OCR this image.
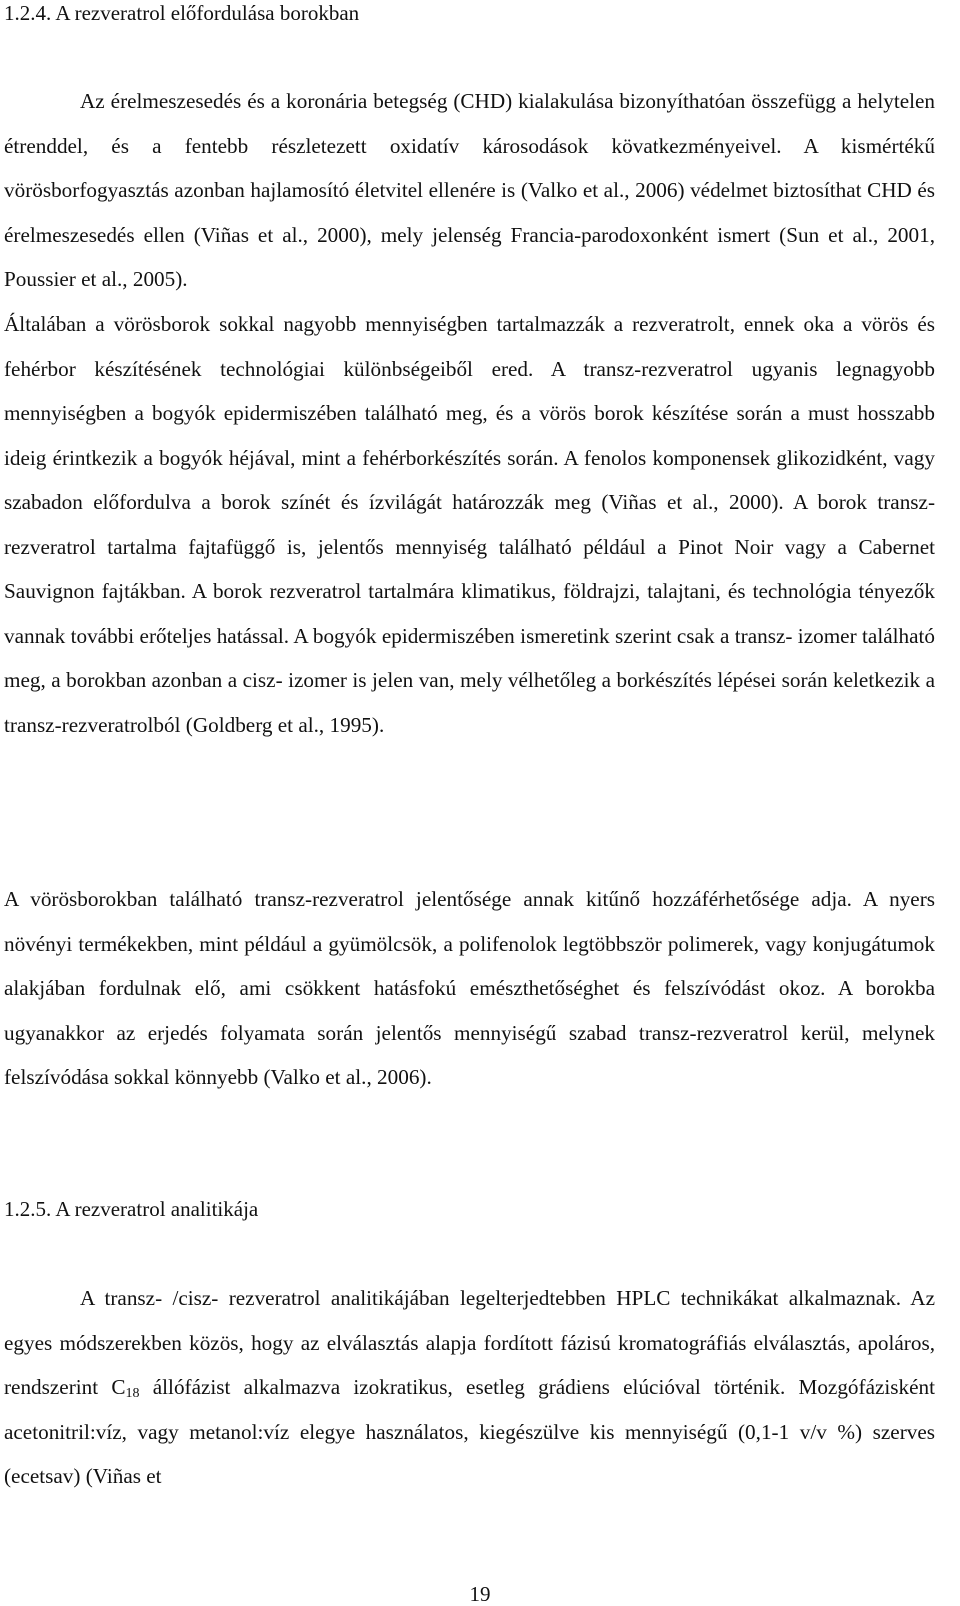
1.2.4. A rezveratrol előfordulása borokban

Az érelmeszesedés és a koronária betegség (CHD) kialakulása bizonyíthatóan összefügg a helytelen étrenddel, és a fentebb részletezett oxidatív károsodások kövatkezményeivel. A kismértékű vörösborfogyasztás azonban hajlamosító életvitel ellenére is (Valko et al., 2006) védelmet biztosíthat CHD és érelmeszesedés ellen (Viñas et al., 2000), mely jelenség Francia-parodoxonként ismert (Sun et al., 2001, Poussier et al., 2005).

Általában a vörösborok sokkal nagyobb mennyiségben tartalmazzák a rezveratrolt, ennek oka a vörös és fehérbor készítésének technológiai különbségeiből ered. A transz-rezveratrol ugyanis legnagyobb mennyiségben a bogyók epidermiszében található meg, és a vörös borok készítése során a must hosszabb ideig érintkezik a bogyók héjával, mint a fehérborkészítés során. A fenolos komponensek glikozidként, vagy szabadon előfordulva a borok színét és ízvilágát határozzák meg (Viñas et al., 2000). A borok transz-rezveratrol tartalma fajtafüggő is, jelentős mennyiség található például a Pinot Noir vagy a Cabernet Sauvignon fajtákban. A borok rezveratrol tartalmára klimatikus, földrajzi, talajtani, és technológia tényezők vannak további erőteljes hatással. A bogyók epidermiszében ismeretink szerint csak a transz- izomer található meg, a borokban azonban a cisz- izomer is jelen van, mely vélhetőleg a borkészítés lépései során keletkezik a transz-rezveratrolból (Goldberg et al., 1995).

A vörösborokban található transz-rezveratrol jelentősége annak kitűnő hozzáférhetősége adja. A nyers növényi termékekben, mint például a gyümölcsök, a polifenolok legtöbbször polimerek, vagy konjugátumok alakjában fordulnak elő, ami csökkent hatásfokú emészthetőséghet és felszívódást okoz. A borokba ugyanakkor az erjedés folyamata során jelentős mennyiségű szabad transz-rezveratrol kerül, melynek felszívódása sokkal könnyebb (Valko et al., 2006).

1.2.5. A rezveratrol analitikája

A transz- /cisz- rezveratrol analitikájában legelterjedtebben HPLC technikákat alkalmaznak. Az egyes módszerekben közös, hogy az elválasztás alapja fordított fázisú kromatográfiás elválasztás, apoláros, rendszerint $C_{18}$ állófázist alkalmazva izokratikus, esetleg grádiens elúcióval történik. Mozgófázisként acetonitril:víz, vagy metanol:víz elegye használatos, kiegészülve kis mennyiségű (0,1-1 v/v %) szerves (ecetsav) (Viñas et

19
